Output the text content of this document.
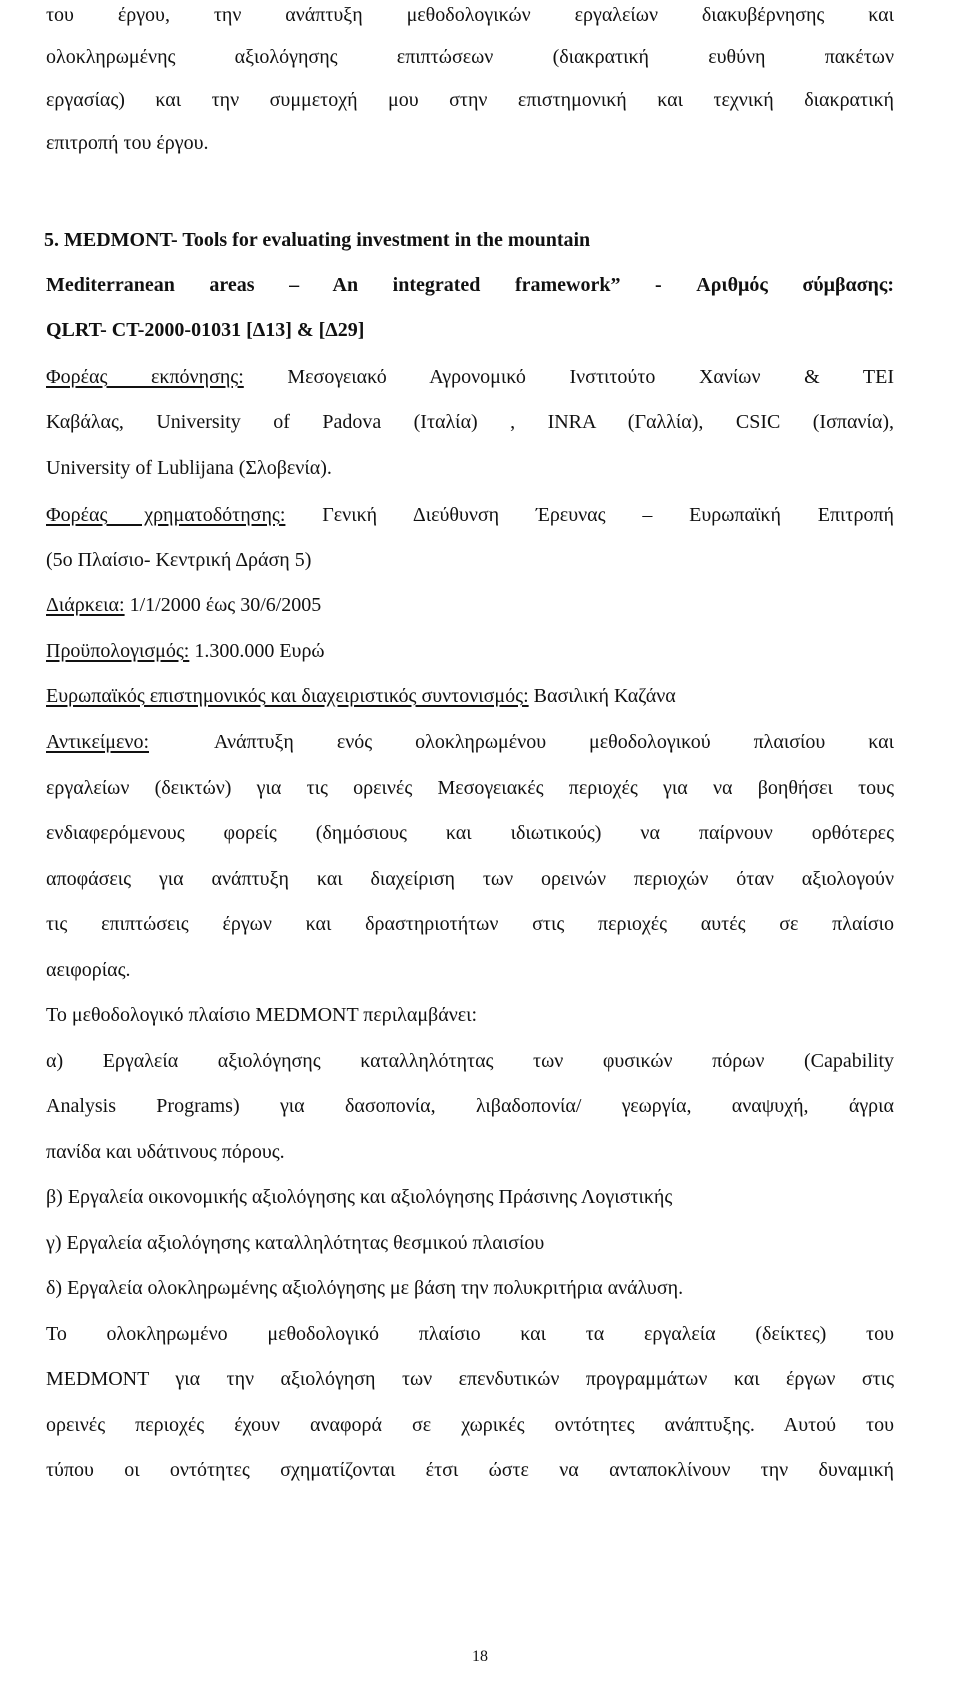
του έργου, την ανάπτυξη μεθοδολογικών εργαλείων διακυβέρνησης και
ολοκληρωμένης αξιολόγησης επιπτώσεων (διακρατική ευθύνη πακέτων
εργασίας) και την συμμετοχή μου στην επιστημονική και τεχνική διακρατική
επιτροπή του έργου.
5. MEDMONT- Tools for evaluating investment in the mountain
Mediterranean areas – An integrated framework” - Αριθμός σύμβασης:
QLRT- CT-2000-01031 [Δ13] & [Δ29]
Φορέας εκπόνησης: Μεσογειακό Αγρονομικό Ινστιτούτο Χανίων & ΤΕΙ
Καβάλας, University of Padova (Ιταλία) , INRA (Γαλλία), CSIC (Ισπανία),
University of Lublijana (Σλοβενία).
Φορέας χρηματοδότησης: Γενική Διεύθυνση Έρευνας – Ευρωπαϊκή Επιτροπή
(5ο Πλαίσιο- Κεντρική Δράση 5)
Διάρκεια: 1/1/2000 έως 30/6/2005
Προϋπολογισμός: 1.300.000 Ευρώ
Ευρωπαϊκός επιστημονικός και διαχειριστικός συντονισμός: Βασιλική Καζάνα
Αντικείμενο:	Ανάπτυξη ενός ολοκληρωμένου μεθοδολογικού πλαισίου και
εργαλείων (δεικτών) για τις ορεινές Μεσογειακές περιοχές για να βοηθήσει τους
ενδιαφερόμενους φορείς (δημόσιους και ιδιωτικούς) να παίρνουν ορθότερες
αποφάσεις για ανάπτυξη και διαχείριση των ορεινών περιοχών όταν αξιολογούν
τις επιπτώσεις έργων και δραστηριοτήτων στις περιοχές αυτές σε πλαίσιο
αειφορίας.
Το μεθοδολογικό πλαίσιο MEDMONT περιλαμβάνει:
α) Εργαλεία αξιολόγησης καταλληλότητας των φυσικών πόρων (Capability
Analysis Programs) για δασοπονία, λιβαδοπονία/ γεωργία, αναψυχή, άγρια
πανίδα και υδάτινους πόρους.
β) Εργαλεία οικονομικής αξιολόγησης και αξιολόγησης Πράσινης Λογιστικής
γ) Εργαλεία αξιολόγησης καταλληλότητας θεσμικού πλαισίου
δ) Εργαλεία ολοκληρωμένης αξιολόγησης με βάση την πολυκριτήρια ανάλυση.
Το ολοκληρωμένο μεθοδολογικό πλαίσιο και τα εργαλεία (δείκτες) του
MEDMONT για την αξιολόγηση των επενδυτικών προγραμμάτων και έργων στις
ορεινές περιοχές έχουν αναφορά σε χωρικές οντότητες ανάπτυξης. Αυτού του
τύπου οι οντότητες σχηματίζονται έτσι ώστε να ανταποκλίνουν την δυναμική
18
